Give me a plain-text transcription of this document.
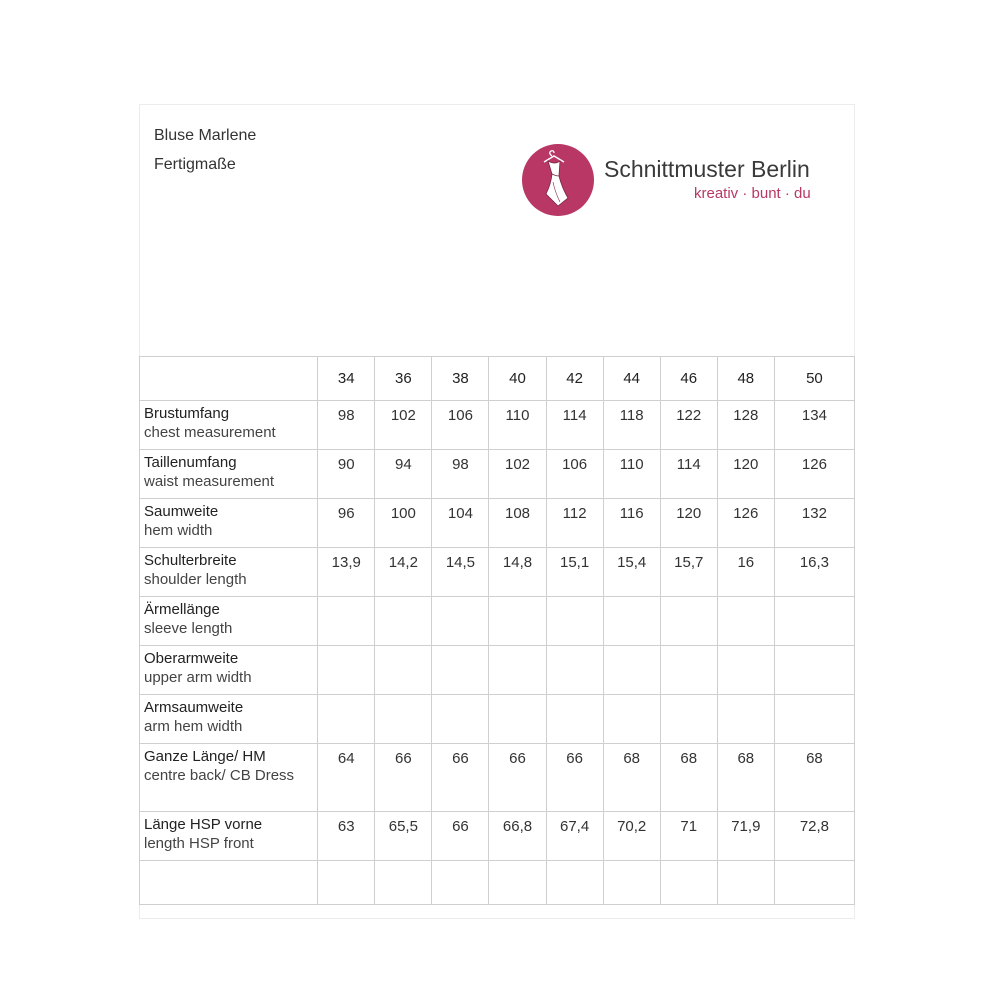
Bluse Marlene
Fertigmaße	Schnittmuster Berlin
kreativ · bunt · du
	34	36	38	40	42	44	46	48	50

Brustumfang
chest measurement	98	102	106	110	114	118	122	128	134

Taillenumfang
waist measurement	90	94	98	102	106	110	114	120	126

Saumweite
hem width	96	100	104	108	112	116	120	126	132

Schulterbreite
shoulder length	13,9	14,2	14,5	14,8	15,1	15,4	15,7	16	16,3

Ärmellänge
sleeve length									

Oberarmweite
upper arm width									

Armsaumweite
arm hem width									

Ganze Länge/ HM
centre back/ CB Dress	64	66	66	66	66	68	68	68	68

Länge HSP vorne
length HSP front	63	65,5	66	66,8	67,4	70,2	71	71,9	72,8
